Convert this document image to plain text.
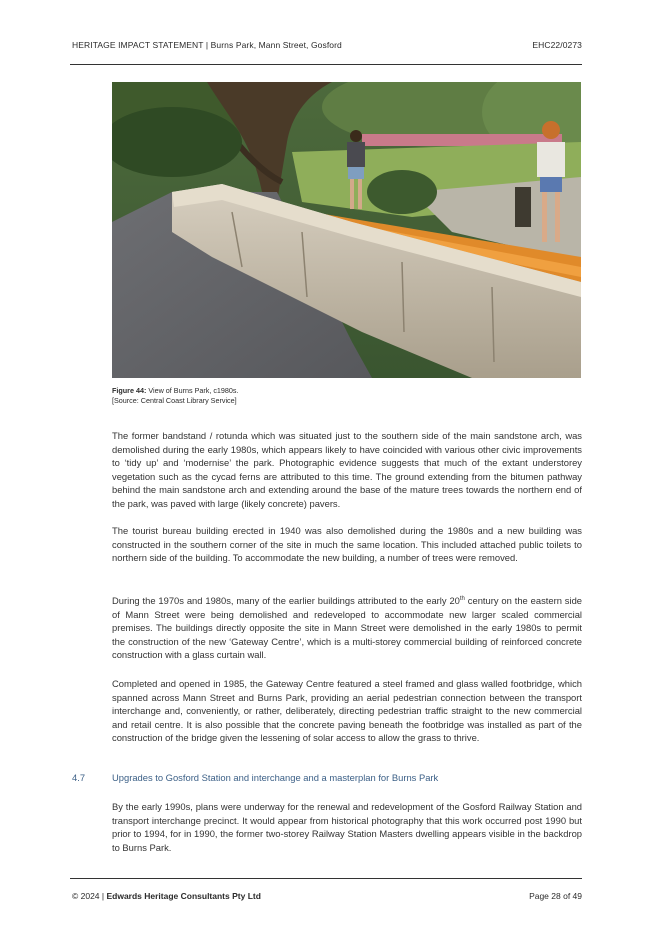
HERITAGE IMPACT STATEMENT | Burns Park, Mann Street, Gosford	EHC22/0273
Figure 44: View of Burns Park, c1980s.
[Source: Central Coast Library Service]

The former bandstand / rotunda which was situated just to the southern side of the main sandstone arch, was demolished during the early 1980s, which appears likely to have coincided with various other civic improvements to ‘tidy up’ and ‘modernise’ the park. Photographic evidence suggests that much of the extant understorey vegetation such as the cycad ferns are attributed to this time. The ground extending from the bitumen pathway behind the main sandstone arch and extending around the base of the mature trees towards the northern end of the park, was paved with large (likely concrete) pavers.

The tourist bureau building erected in 1940 was also demolished during the 1980s and a new building was constructed in the southern corner of the site in much the same location. This included attached public toilets to northern side of the building. To accommodate the new building, a number of trees were removed.

During the 1970s and 1980s, many of the earlier buildings attributed to the early 20th century on the eastern side of Mann Street were being demolished and redeveloped to accommodate new larger scaled commercial premises. The buildings directly opposite the site in Mann Street were demolished in the early 1980s to permit the construction of the new ‘Gateway Centre’, which is a multi-storey commercial building of reinforced concrete construction with a glass curtain wall.

Completed and opened in 1985, the Gateway Centre featured a steel framed and glass walled footbridge, which spanned across Mann Street and Burns Park, providing an aerial pedestrian connection between the transport interchange and, conveniently, or rather, deliberately, directing pedestrian traffic straight to the new commercial and retail centre. It is also possible that the concrete paving beneath the footbridge was installed as part of the construction of the bridge given the lessening of solar access to allow the grass to thrive.

4.7	Upgrades to Gosford Station and interchange and a masterplan for Burns Park

By the early 1990s, plans were underway for the renewal and redevelopment of the Gosford Railway Station and transport interchange precinct. It would appear from historical photography that this work occurred post 1990 but prior to 1994, for in 1990, the former two-storey Railway Station Masters dwelling appears visible in the backdrop to Burns Park.

© 2024 | Edwards Heritage Consultants Pty Ltd	Page 28 of 49
